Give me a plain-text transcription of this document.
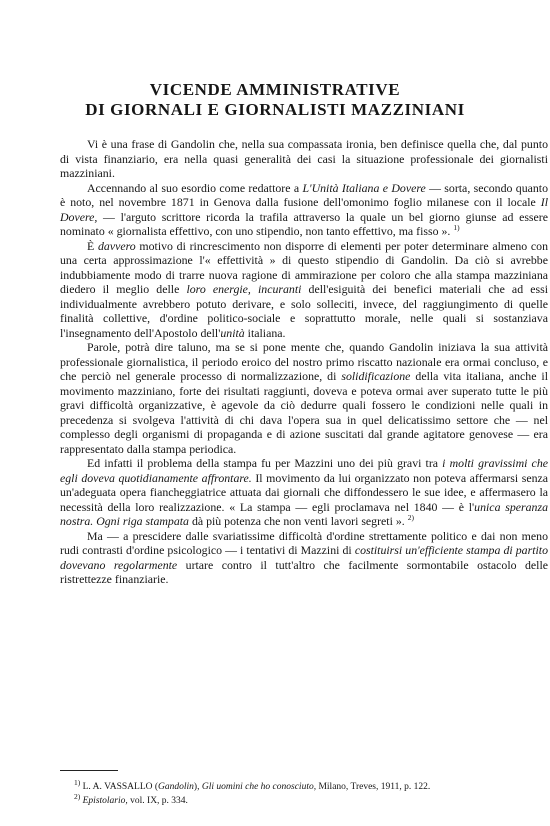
VICENDE AMMINISTRATIVE
DI GIORNALI E GIORNALISTI MAZZINIANI

Vi è una frase di Gandolin che, nella sua compassata ironia, ben definisce quella che, dal punto di vista finanziario, era nella quasi generalità dei casi la situazione professionale dei giornalisti mazziniani.

Accennando al suo esordio come redattore a L'Unità Italiana e Dovere — sorta, secondo quanto è noto, nel novembre 1871 in Genova dalla fusione dell'omonimo foglio milanese con il locale Il Dovere, — l'arguto scrittore ricorda la trafila attraverso la quale un bel giorno giunse ad essere nominato « giornalista effettivo, con uno stipendio, non tanto effettivo, ma fisso ». $^{1)}$

È davvero motivo di rincrescimento non disporre di elementi per poter determinare almeno con una certa approssimazione l'« effettività » di questo stipendio di Gandolin. Da ciò si avrebbe indubbiamente modo di trarre nuova ragione di ammirazione per coloro che alla stampa mazziniana diedero il meglio delle loro energie, incuranti dell'esiguità dei benefici materiali che ad essi individualmente avrebbero potuto derivare, e solo solleciti, invece, del raggiungimento di quelle finalità collettive, d'ordine politico-sociale e soprattutto morale, nelle quali si sostanziava l'insegnamento dell'Apostolo dell'unità italiana.

Parole, potrà dire taluno, ma se si pone mente che, quando Gandolin iniziava la sua attività professionale giornalistica, il periodo eroico del nostro primo riscatto nazionale era ormai concluso, e che perciò nel generale processo di normalizzazione, di solidificazione della vita italiana, anche il movimento mazziniano, forte dei risultati raggiunti, doveva e poteva ormai aver superato tutte le più gravi difficoltà organizzative, è agevole da ciò dedurre quali fossero le condizioni nelle quali in precedenza si svolgeva l'attività di chi dava l'opera sua in quel delicatissimo settore che — nel complesso degli organismi di propaganda e di azione suscitati dal grande agitatore genovese — era rappresentato dalla stampa periodica.

Ed infatti il problema della stampa fu per Mazzini uno dei più gravi tra i molti gravissimi che egli doveva quotidianamente affrontare. Il movimento da lui organizzato non poteva affermarsi senza un'adeguata opera fiancheggiatrice attuata dai giornali che diffondessero le sue idee, e affermasero la necessità della loro realizzazione. « La stampa — egli proclamava nel 1840 — è l'unica speranza nostra. Ogni riga stampata dà più potenza che non venti lavori segreti ». $^{2)}$

Ma — a prescidere dalle svariatissime difficoltà d'ordine strettamente politico e dai non meno rudi contrasti d'ordine psicologico — i tentativi di Mazzini di costituirsi un'efficiente stampa di partito dovevano regolarmente urtare contro il tutt'altro che facilmente sormontabile ostacolo delle ristrettezze finanziarie.

$^{1)}$ L. A. VASSALLO (Gandolin), Gli uomini che ho conosciuto, Milano, Treves, 1911, p. 122.
$^{2)}$ Epistolario, vol. IX, p. 334.
